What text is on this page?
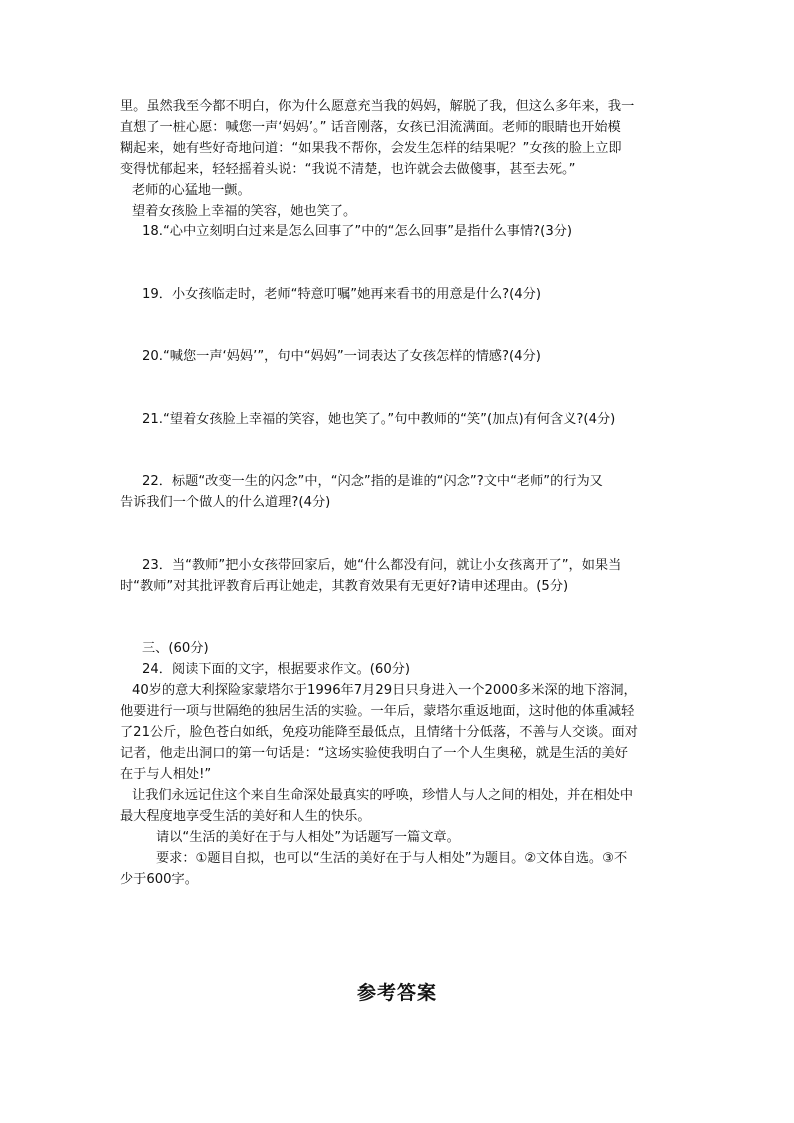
里。虽然我至今都不明白，你为什么愿意充当我的妈妈，解脱了我，但这么多年来，我一
直想了一桩心愿：喊您一声‘妈妈’。” 话音刚落，女孩已泪流满面。老师的眼睛也开始模
糊起来，她有些好奇地问道：“如果我不帮你，会发生怎样的结果呢？”女孩的脸上立即
变得忧郁起来，轻轻摇着头说：“我说不清楚，也许就会去做傻事，甚至去死。”
老师的心猛地一颤。
望着女孩脸上幸福的笑容，她也笑了。
18.“心中立刻明白过来是怎么回事了”中的“怎么回事”是指什么事情?(3分)
19．小女孩临走时，老师“特意叮嘱”她再来看书的用意是什么?(4分)
20.“喊您一声‘妈妈’”，句中“妈妈”一词表达了女孩怎样的情感?(4分)
21.“望着女孩脸上幸福的笑容，她也笑了。”句中教师的“笑”(加点)有何含义?(4分)
22．标题“改变一生的闪念”中，“闪念”指的是谁的“闪念”?文中“老师”的行为又
告诉我们一个做人的什么道理?(4分)
23．当“教师”把小女孩带回家后，她“什么都没有问，就让小女孩离开了”，如果当
时“教师”对其批评教育后再让她走，其教育效果有无更好?请申述理由。(5分)
三、(60分)
24．阅读下面的文字，根据要求作文。(60分)
40岁的意大利探险家蒙塔尔于1996年7月29日只身进入一个2000多米深的地下溶洞，
他要进行一项与世隔绝的独居生活的实验。一年后，蒙塔尔重返地面，这时他的体重减轻
了21公斤，脸色苍白如纸，免疫功能降至最低点，且情绪十分低落，不善与人交谈。面对
记者，他走出洞口的第一句话是：“这场实验使我明白了一个人生奥秘，就是生活的美好
在于与人相处!”
让我们永远记住这个来自生命深处最真实的呼唤，珍惜人与人之间的相处，并在相处中
最大程度地享受生活的美好和人生的快乐。
请以“生活的美好在于与人相处”为话题写一篇文章。
要求：①题目自拟，也可以“生活的美好在于与人相处”为题目。②文体自选。③不
少于600字。
参考答案
